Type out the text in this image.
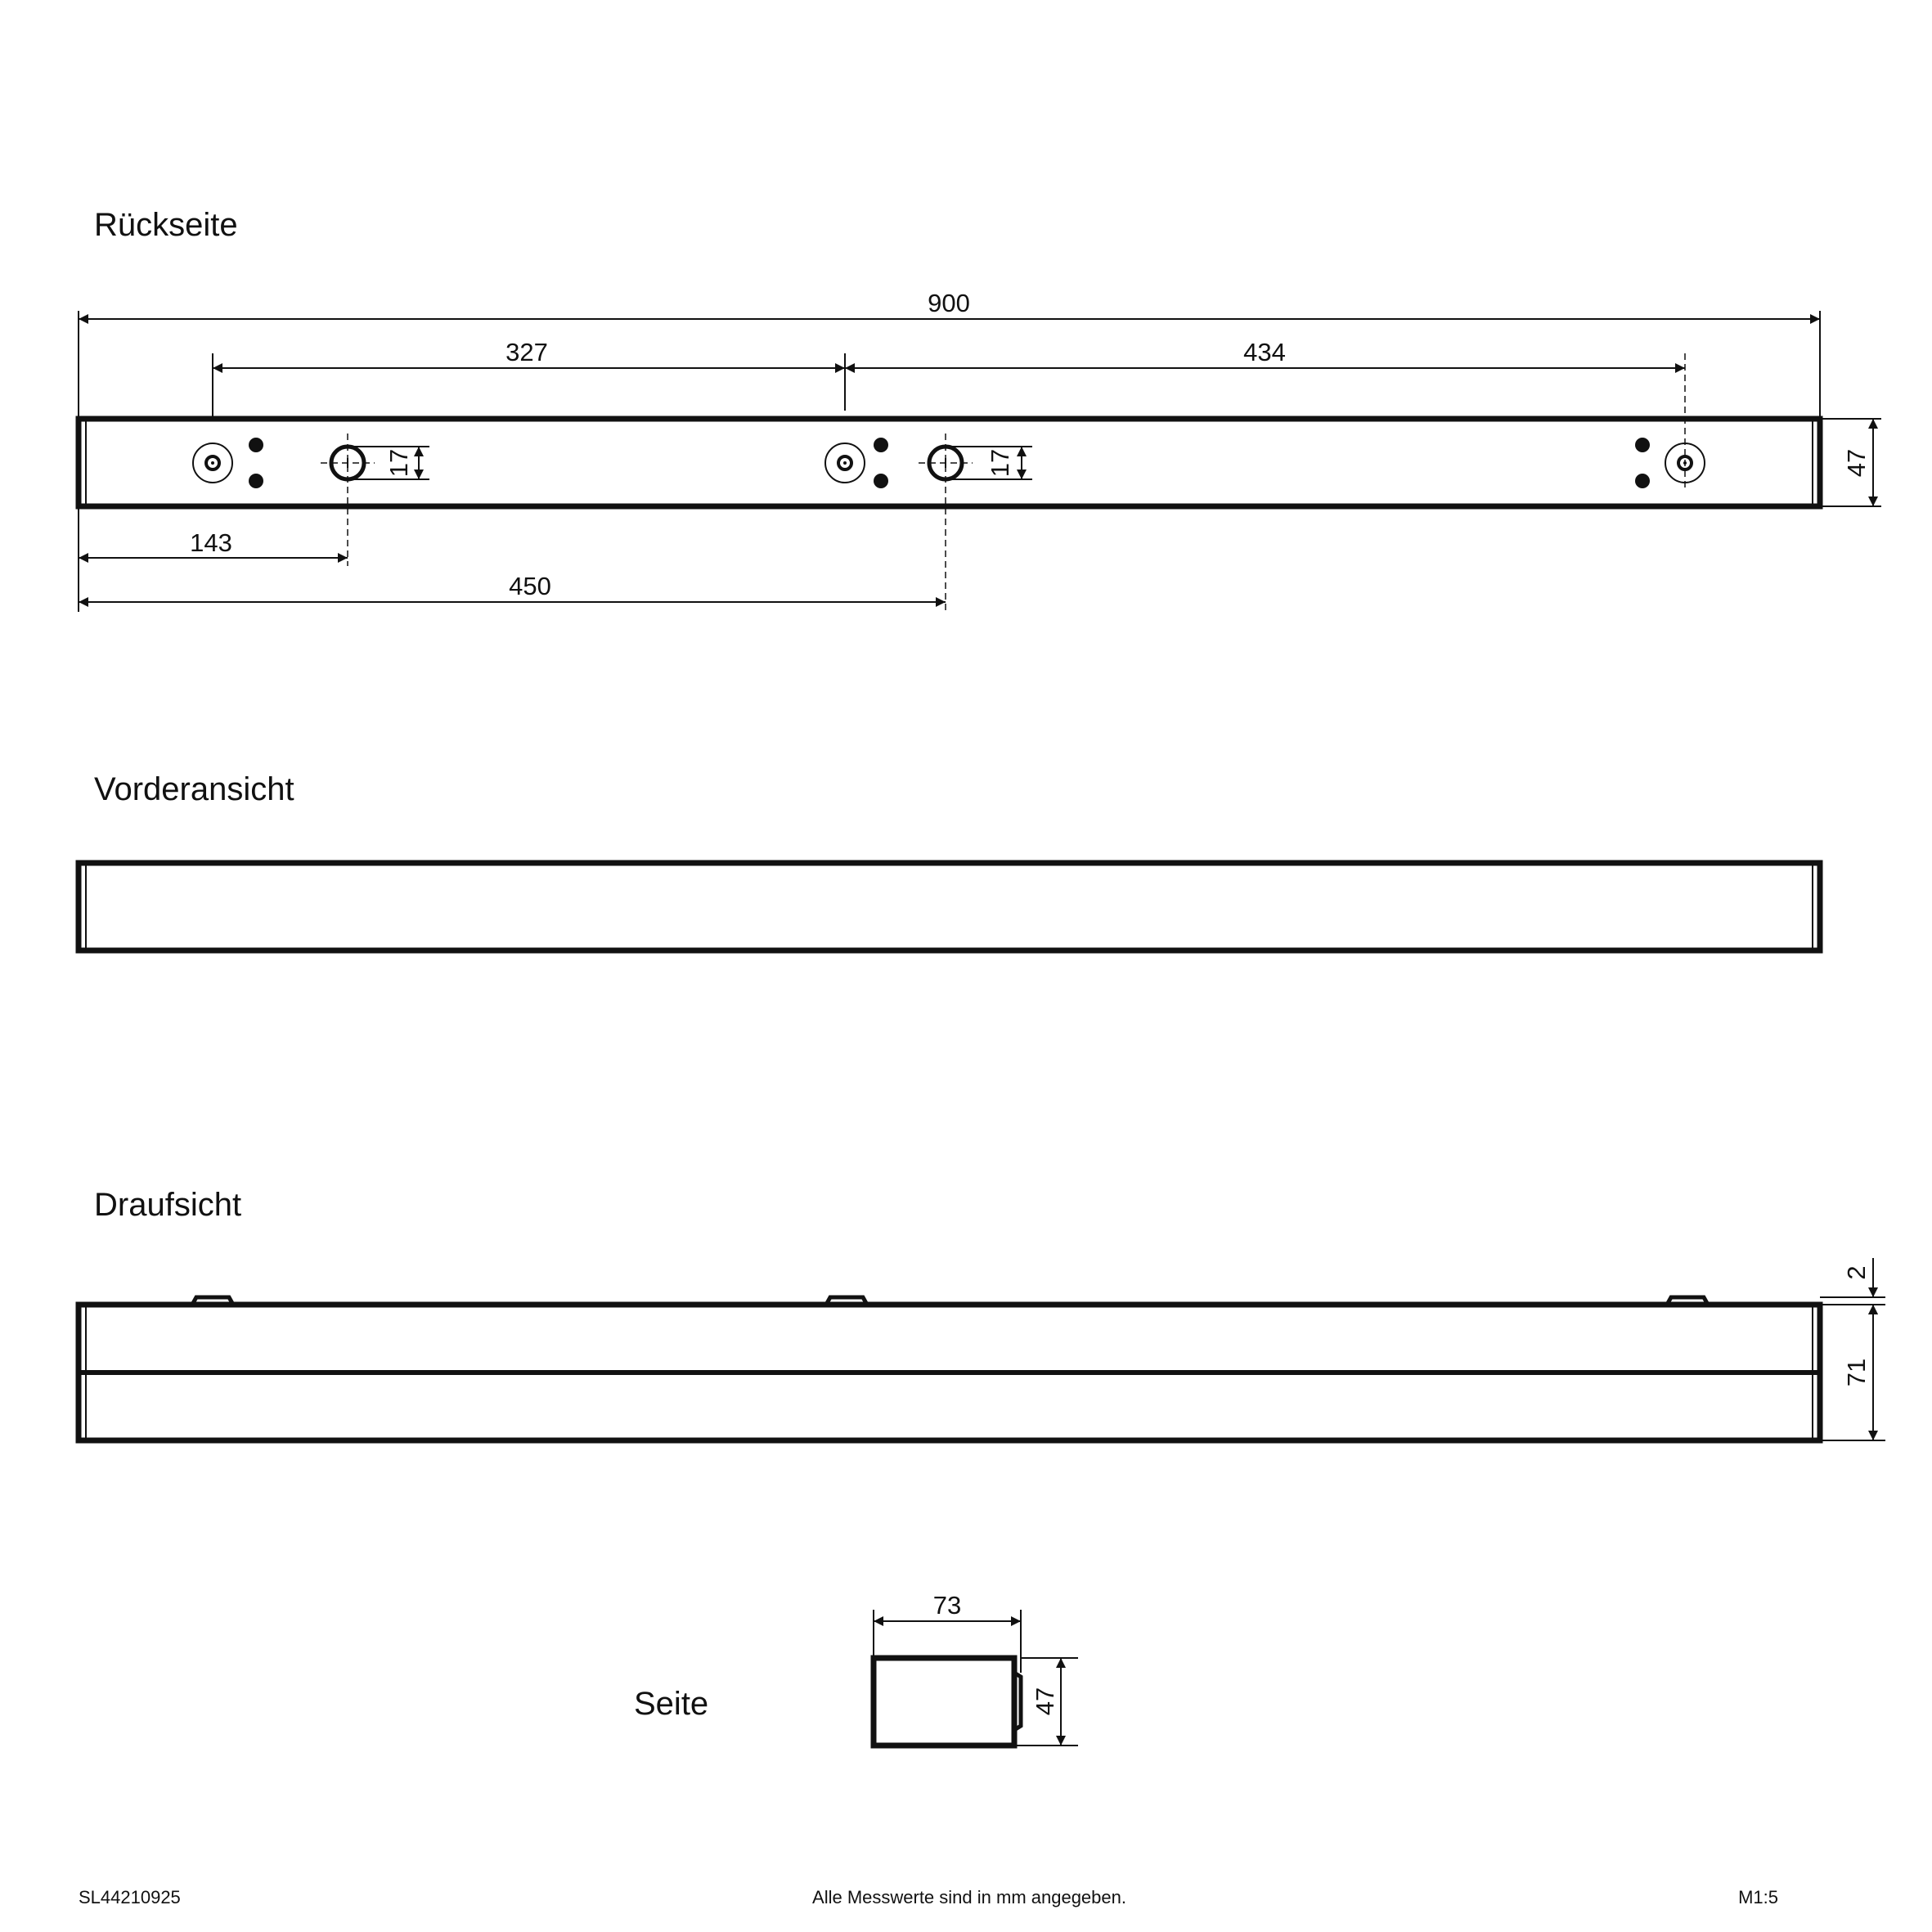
Rückseite
900
327	434
47
143
450
17	17
Vorderansicht
Draufsicht
2
71
Seite
73
47
SL44210925	Alle Messwerte sind in mm angegeben.	M1:5
